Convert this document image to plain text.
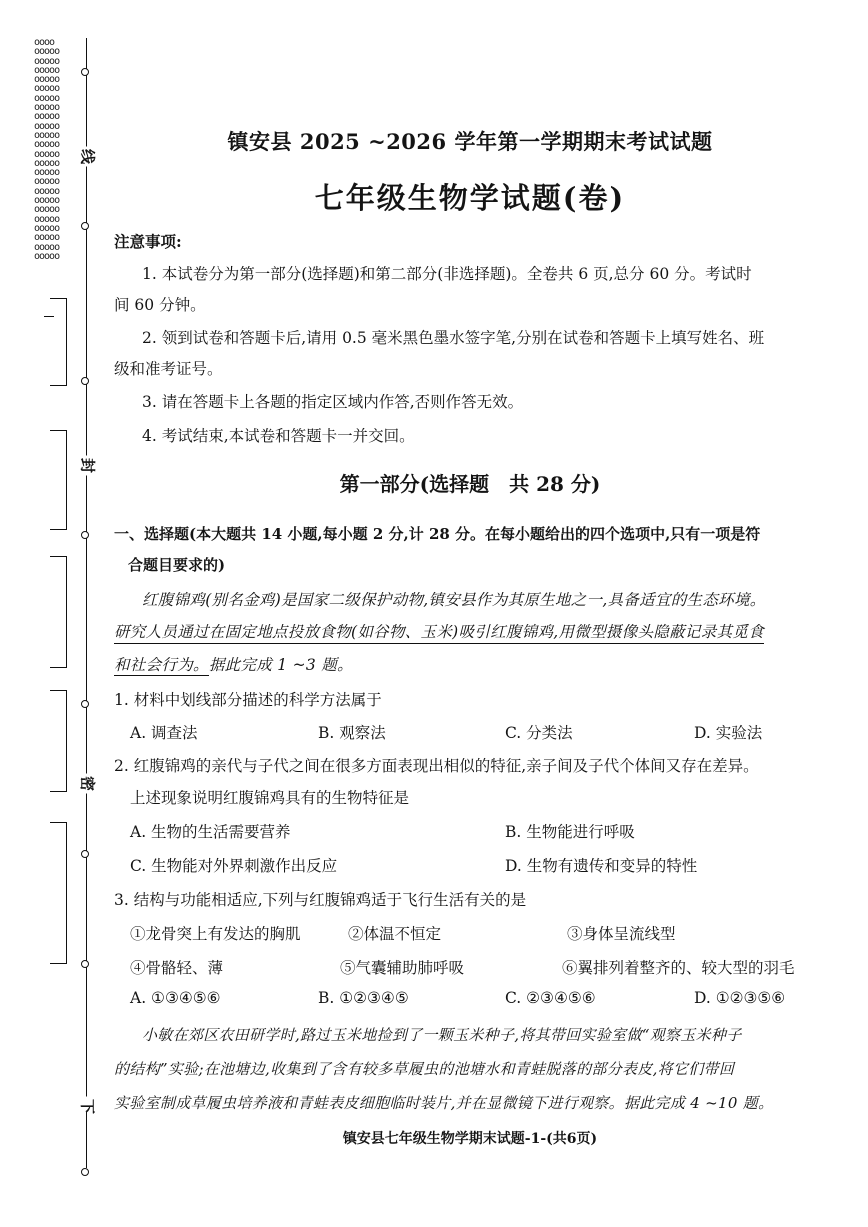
oooo
ooooo
ooooo
ooooo
ooooo
ooooo
ooooo
ooooo
ooooo
ooooo
ooooo
ooooo
ooooo
ooooo
ooooo
ooooo
ooooo
ooooo
ooooo
ooooo
ooooo
ooooo
ooooo
ooooo
线
封
密
下
镇安县 2025 ~2026 学年第一学期期末考试试题
七年级生物学试题(卷)
注意事项:
1. 本试卷分为第一部分(选择题)和第二部分(非选择题)。全卷共 6 页,总分 60 分。考试时
间 60 分钟。
2. 领到试卷和答题卡后,请用 0.5 毫米黑色墨水签字笔,分别在试卷和答题卡上填写姓名、班
级和准考证号。
3. 请在答题卡上各题的指定区域内作答,否则作答无效。
4. 考试结束,本试卷和答题卡一并交回。
第一部分(选择题　共 28 分)
一、选择题(本大题共 14 小题,每小题 2 分,计 28 分。在每小题给出的四个选项中,只有一项是符
合题目要求的)
红腹锦鸡(别名金鸡)是国家二级保护动物,镇安县作为其原生地之一,具备适宜的生态环境。
研究人员通过在固定地点投放食物(如谷物、玉米)吸引红腹锦鸡,用微型摄像头隐蔽记录其觅食
和社会行为。据此完成 1 ~3 题。
1. 材料中划线部分描述的科学方法属于
A. 调查法	B. 观察法	C. 分类法	D. 实验法
2. 红腹锦鸡的亲代与子代之间在很多方面表现出相似的特征,亲子间及子代个体间又存在差异。
上述现象说明红腹锦鸡具有的生物特征是
A. 生物的生活需要营养	B. 生物能进行呼吸
C. 生物能对外界刺激作出反应	D. 生物有遗传和变异的特性
3. 结构与功能相适应,下列与红腹锦鸡适于飞行生活有关的是
①龙骨突上有发达的胸肌	②体温不恒定	③身体呈流线型
④骨骼轻、薄	⑤气囊辅助肺呼吸	⑥翼排列着整齐的、较大型的羽毛
A. ①③④⑤⑥	B. ①②③④⑤	C. ②③④⑤⑥	D. ①②③⑤⑥
小敏在郊区农田研学时,路过玉米地捡到了一颗玉米种子,将其带回实验室做“观察玉米种子
的结构”实验;在池塘边,收集到了含有较多草履虫的池塘水和青蛙脱落的部分表皮,将它们带回
实验室制成草履虫培养液和青蛙表皮细胞临时装片,并在显微镜下进行观察。据此完成 4 ~10 题。
镇安县七年级生物学期末试题-1-(共6页)
